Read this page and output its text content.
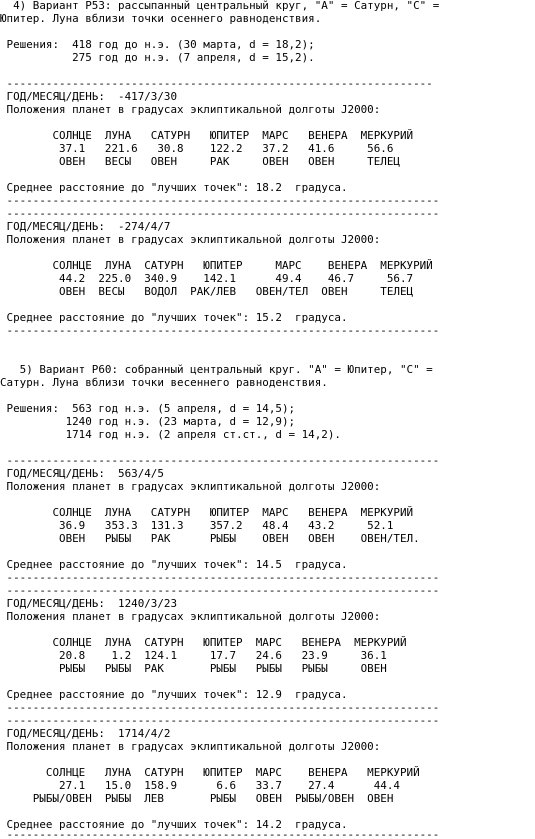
4) Вариант Р53: рассыпанный центральный круг, "А" = Сатурн, "С" =
Юпитер. Луна вблизи точки осеннего равноденствия.
Решения:  418 год до н.э. (30 марта, d = 18,2);
275 год до н.э. (7 апреля, d = 15,2).
-----------------------------------------------------------------
ГОД/МЕСЯЦ/ДЕНЬ:  -417/3/30
Положения планет в градусах эклиптикальной долготы J2000:
СОЛНЦЕ  ЛУНА   САТУРН   ЮПИТЕР  МАРС   ВЕНЕРА  МЕРКУРИЙ
37.1   221.6   30.8    122.2   37.2   41.6     56.6
ОВЕН   ВЕСЫ   ОВЕН     РАК     ОВЕН   ОВЕН     ТЕЛЕЦ
Среднее расстояние до "лучших точек": 18.2  градуса.
------------------------------------------------------------------
------------------------------------------------------------------
ГОД/МЕСЯЦ/ДЕНЬ:  -274/4/7
Положения планет в градусах эклиптикальной долготы J2000:
СОЛНЦЕ  ЛУНА  САТУРН   ЮПИТЕР     МАРС    ВЕНЕРА  МЕРКУРИЙ
44.2  225.0  340.9    142.1      49.4    46.7     56.7
ОВЕН  ВЕСЫ   ВОДОЛ  РАК/ЛЕВ   ОВЕН/ТЕЛ  ОВЕН     ТЕЛЕЦ
Среднее расстояние до "лучших точек": 15.2  градуса.
------------------------------------------------------------------
5) Вариант Р60: собранный центральный круг. "А" = Юпитер, "С" =
Сатурн. Луна вблизи точки весеннего равноденствия.
Решения:  563 год н.э. (5 апреля, d = 14,5);
1240 год н.э. (23 марта, d = 12,9);
1714 год н.э. (2 апреля ст.ст., d = 14,2).
------------------------------------------------------------------
ГОД/МЕСЯЦ/ДЕНЬ:  563/4/5
Положения планет в градусах эклиптикальной долготы J2000:
СОЛНЦЕ  ЛУНА   САТУРН   ЮПИТЕР  МАРС   ВЕНЕРА  МЕРКУРИЙ
36.9   353.3  131.3    357.2   48.4   43.2     52.1
ОВЕН   РЫБЫ   РАК      РЫБЫ    ОВЕН   ОВЕН    ОВЕН/ТЕЛ.
Среднее расстояние до "лучших точек": 14.5  градуса.
------------------------------------------------------------------
------------------------------------------------------------------
ГОД/МЕСЯЦ/ДЕНЬ:  1240/3/23
Положения планет в градусах эклиптикальной долготы J2000:
СОЛНЦЕ  ЛУНА  САТУРН   ЮПИТЕР  МАРС   ВЕНЕРА  МЕРКУРИЙ
20.8    1.2  124.1     17.7   24.6   23.9     36.1
РЫБЫ   РЫБЫ  РАК       РЫБЫ   РЫБЫ   РЫБЫ     ОВЕН
Среднее расстояние до "лучших точек": 12.9  градуса.
------------------------------------------------------------------
------------------------------------------------------------------
ГОД/МЕСЯЦ/ДЕНЬ:  1714/4/2
Положения планет в градусах эклиптикальной долготы J2000:
СОЛНЦЕ   ЛУНА  САТУРН   ЮПИТЕР  МАРС    ВЕНЕРА   МЕРКУРИЙ
27.1   15.0  158.9      6.6   33.7    27.4      44.4
РЫБЫ/ОВЕН  РЫБЫ  ЛЕВ       РЫБЫ   ОВЕН  РЫБЫ/ОВЕН  ОВЕН
Среднее расстояние до "лучших точек": 14.2  градуса.
------------------------------------------------------------------
